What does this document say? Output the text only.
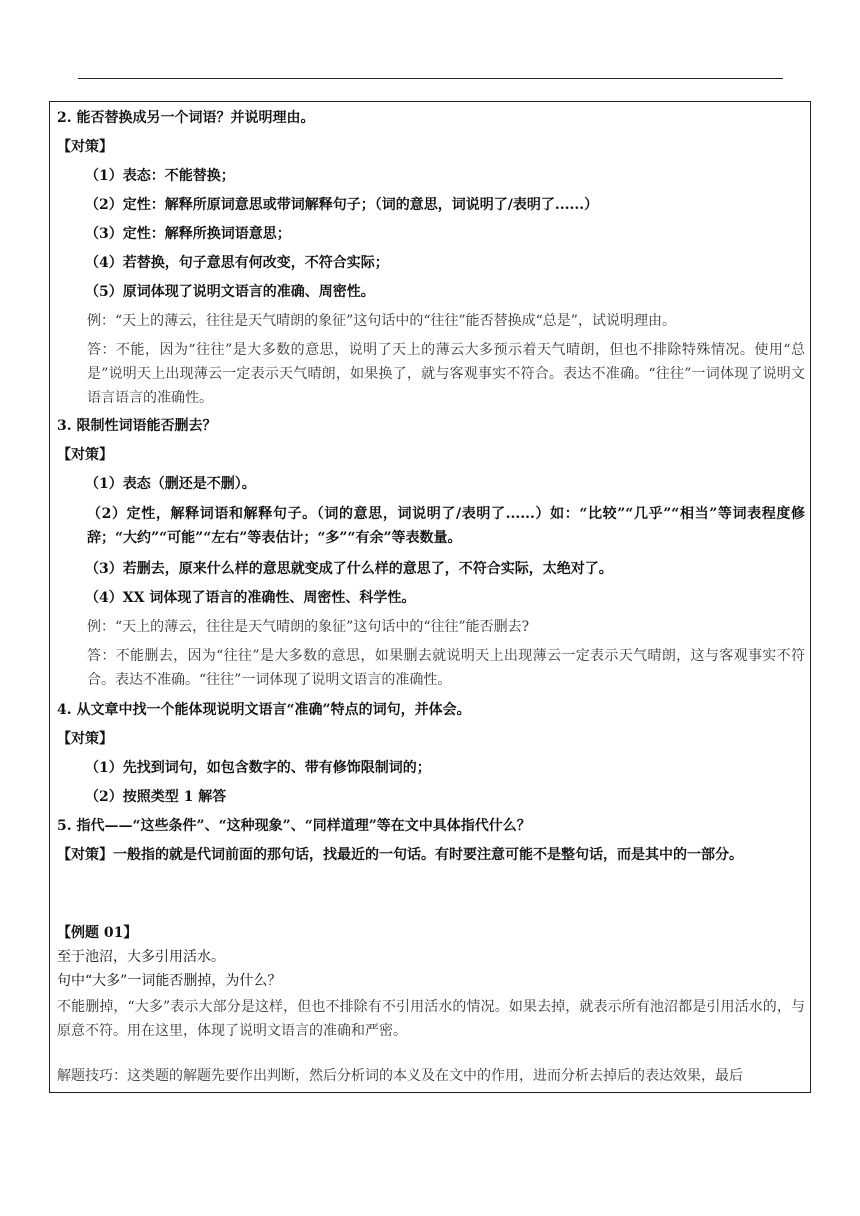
2. 能否替换成另一个词语？并说明理由。
【对策】
（1）表态：不能替换；
（2）定性：解释所原词意思或带词解释句子；（词的意思，词说明了/表明了......）
（3）定性：解释所换词语意思；
（4）若替换，句子意思有何改变，不符合实际；
（5）原词体现了说明文语言的准确、周密性。
例：“天上的薄云，往往是天气晴朗的象征”这句话中的“往往”能否替换成“总是”，试说明理由。
答：不能，因为“往往”是大多数的意思，说明了天上的薄云大多预示着天气晴朗，但也不排除特殊情况。使用“总是”说明天上出现薄云一定表示天气晴朗，如果换了，就与客观事实不符合。表达不准确。“往往”一词体现了说明文语言语言的准确性。
3. 限制性词语能否删去？
【对策】
（1）表态（删还是不删）。
（2）定性，解释词语和解释句子。（词的意思，词说明了/表明了......）如：“比较”“几乎”“相当”等词表程度修辞；“大约”“可能”“左右”等表估计；“多”“有余”等表数量。
（3）若删去，原来什么样的意思就变成了什么样的意思了，不符合实际，太绝对了。
（4）XX 词体现了语言的准确性、周密性、科学性。
例：“天上的薄云，往往是天气晴朗的象征”这句话中的“往往”能否删去?
答：不能删去，因为“往往”是大多数的意思，如果删去就说明天上出现薄云一定表示天气晴朗，这与客观事实不符合。表达不准确。“往往”一词体现了说明文语言的准确性。
4. 从文章中找一个能体现说明文语言“准确”特点的词句，并体会。
【对策】
（1）先找到词句，如包含数字的、带有修饰限制词的；
（2）按照类型 1 解答
5. 指代——“这些条件”、“这种现象”、“同样道理”等在文中具体指代什么？
【对策】一般指的就是代词前面的那句话，找最近的一句话。有时要注意可能不是整句话，而是其中的一部分。
【例题 01】
至于池沼，大多引用活水。
句中“大多”一词能否删掉，为什么？
不能删掉，“大多”表示大部分是这样，但也不排除有不引用活水的情况。如果去掉，就表示所有池沼都是引用活水的，与原意不符。用在这里，体现了说明文语言的准确和严密。
解题技巧：这类题的解题先要作出判断，然后分析词的本义及在文中的作用，进而分析去掉后的表达效果，最后
